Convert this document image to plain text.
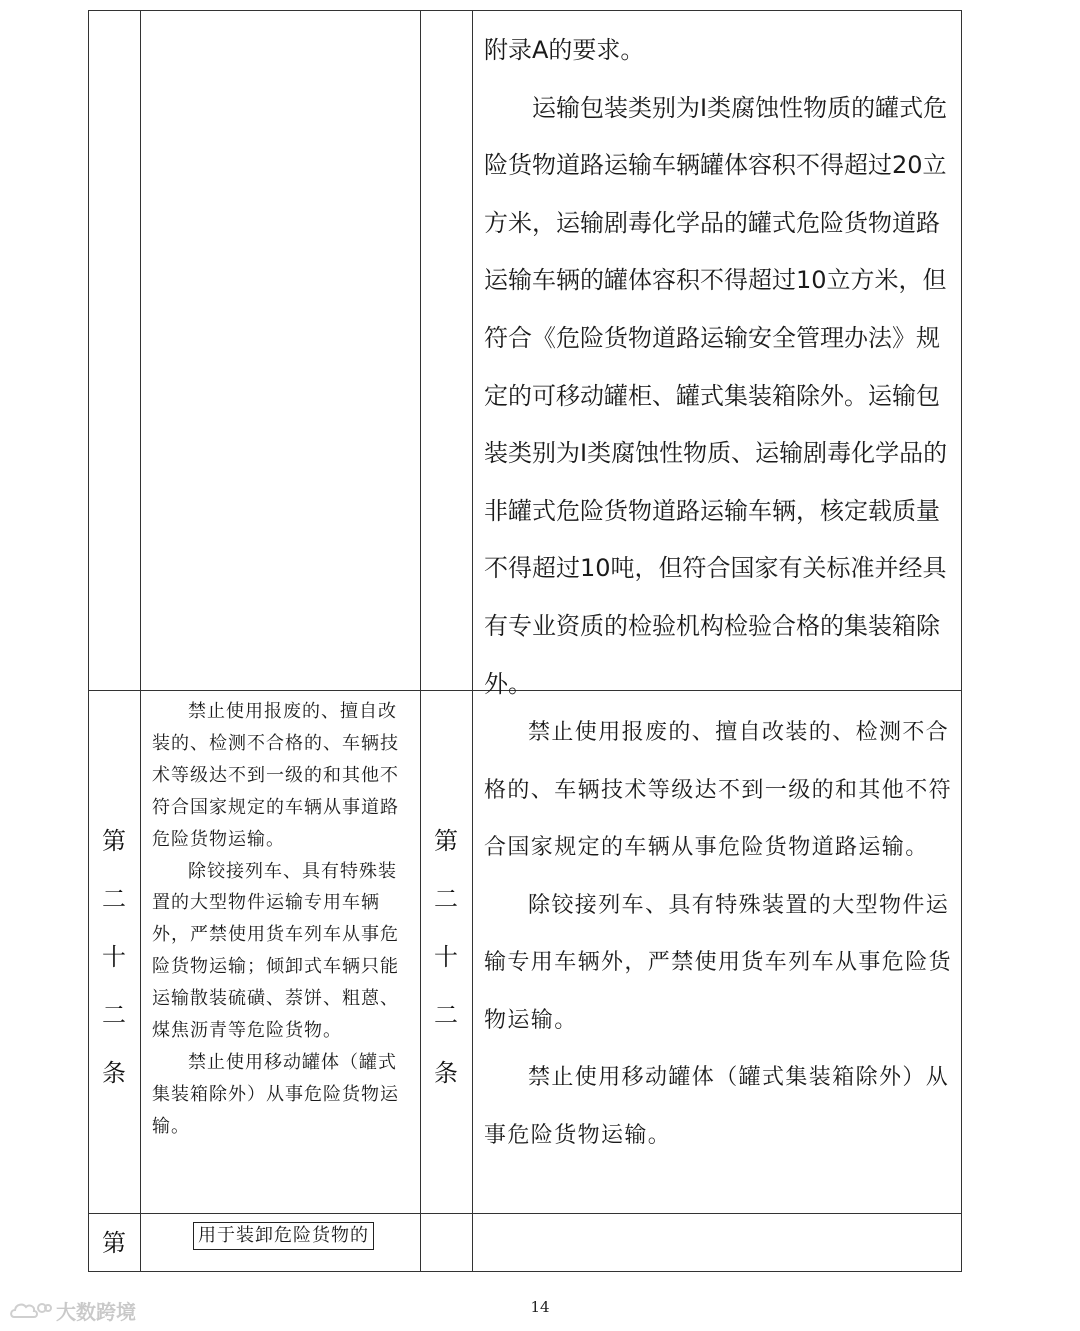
附录A的要求。

运输包装类别为Ⅰ类腐蚀性物质的罐式危险货物道路运输车辆罐体容积不得超过20立方米，运输剧毒化学品的罐式危险货物道路运输车辆的罐体容积不得超过10立方米，但符合《危险货物道路运输安全管理办法》规定的可移动罐柜、罐式集装箱除外。运输包装类别为Ⅰ类腐蚀性物质、运输剧毒化学品的非罐式危险货物道路运输车辆，核定载质量不得超过10吨，但符合国家有关标准并经具有专业资质的检验机构检验合格的集装箱除外。

第
二
十
二
条

禁止使用报废的、擅自改装的、检测不合格的、车辆技术等级达不到一级的和其他不符合国家规定的车辆从事道路危险货物运输。

除铰接列车、具有特殊装置的大型物件运输专用车辆外，严禁使用货车列车从事危险货物运输；倾卸式车辆只能运输散装硫磺、萘饼、粗蒽、煤焦沥青等危险货物。

禁止使用移动罐体（罐式集装箱除外）从事危险货物运输。

第
二
十
二
条

禁止使用报废的、擅自改装的、检测不合格的、车辆技术等级达不到一级的和其他不符合国家规定的车辆从事危险货物道路运输。

除铰接列车、具有特殊装置的大型物件运输专用车辆外，严禁使用货车列车从事危险货物运输。

禁止使用移动罐体（罐式集装箱除外）从事危险货物运输。

第	用于装卸危险货物的
14
大数跨境
